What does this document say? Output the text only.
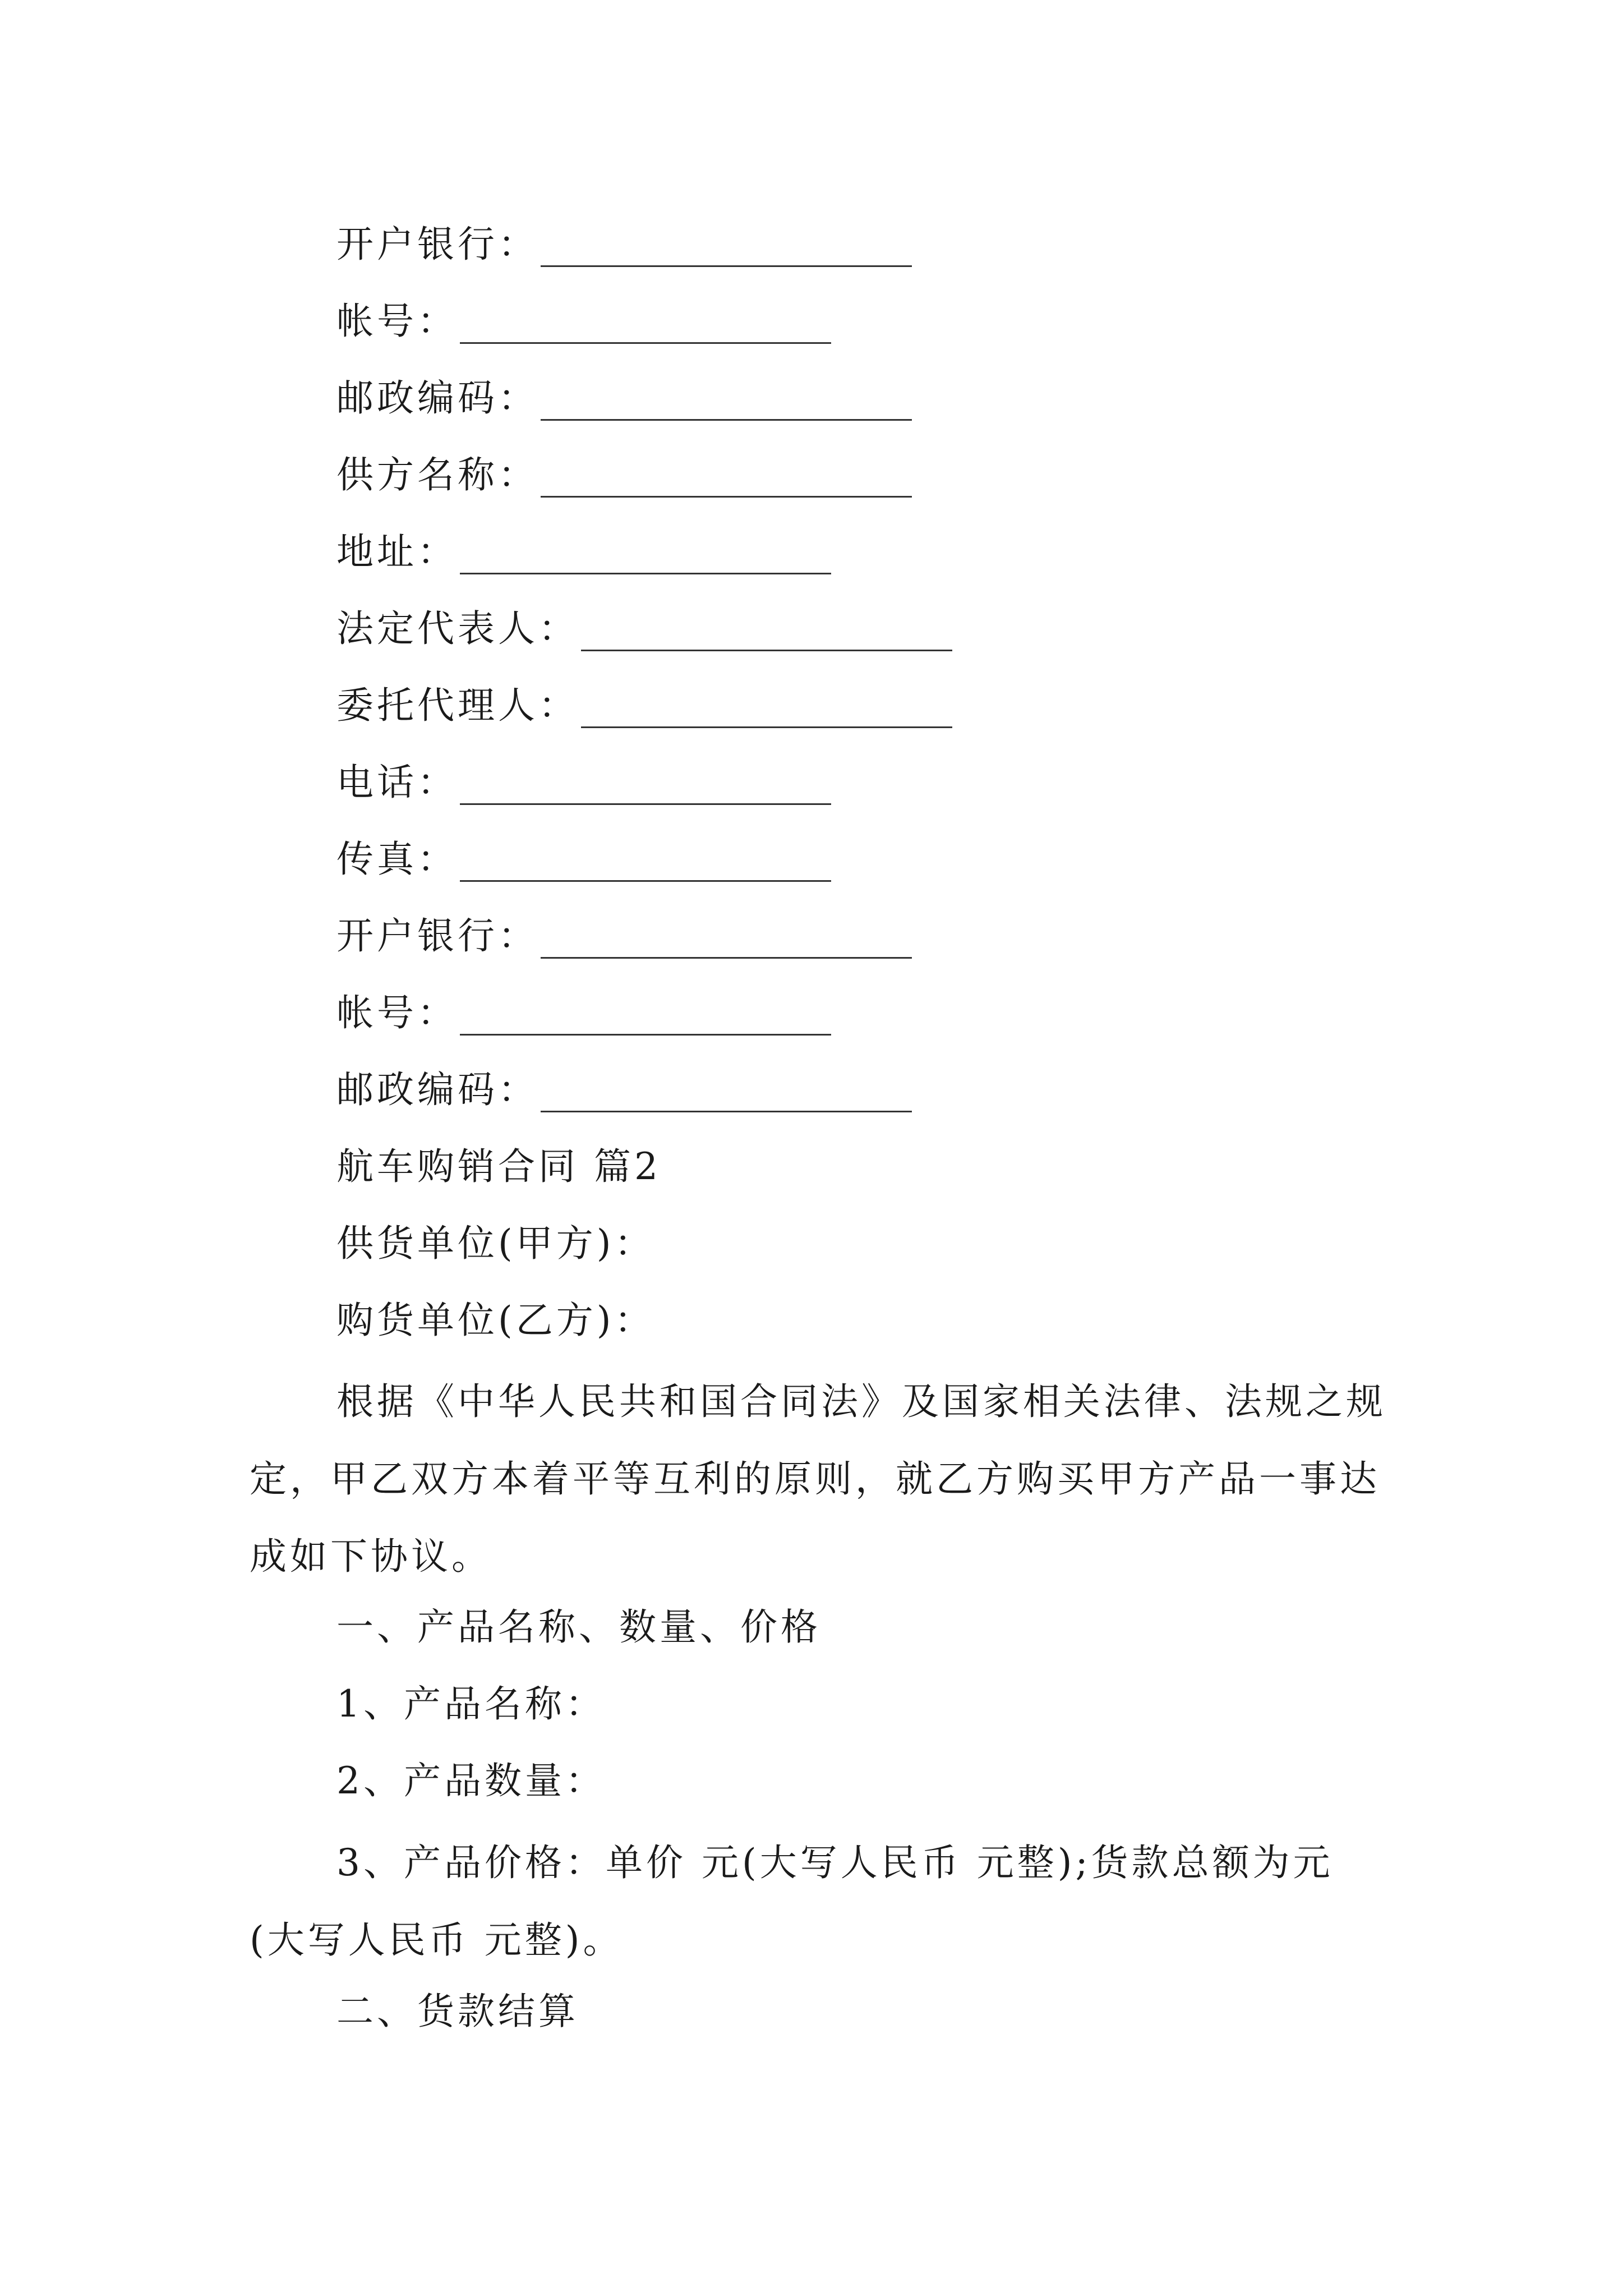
开户银行：
帐号：
邮政编码：
供方名称：
地址：
法定代表人：
委托代理人：
电话：
传真：
开户银行：
帐号：
邮政编码：
航车购销合同 篇2
供货单位(甲方)：
购货单位(乙方)：

根据《中华人民共和国合同法》及国家相关法律、法规之规定，甲乙双方本着平等互利的原则，就乙方购买甲方产品一事达成如下协议。

一、产品名称、数量、价格
1、产品名称：
2、产品数量：

3、产品价格：单价 元(大写人民币 元整);货款总额为元(大写人民币 元整)。

二、货款结算
